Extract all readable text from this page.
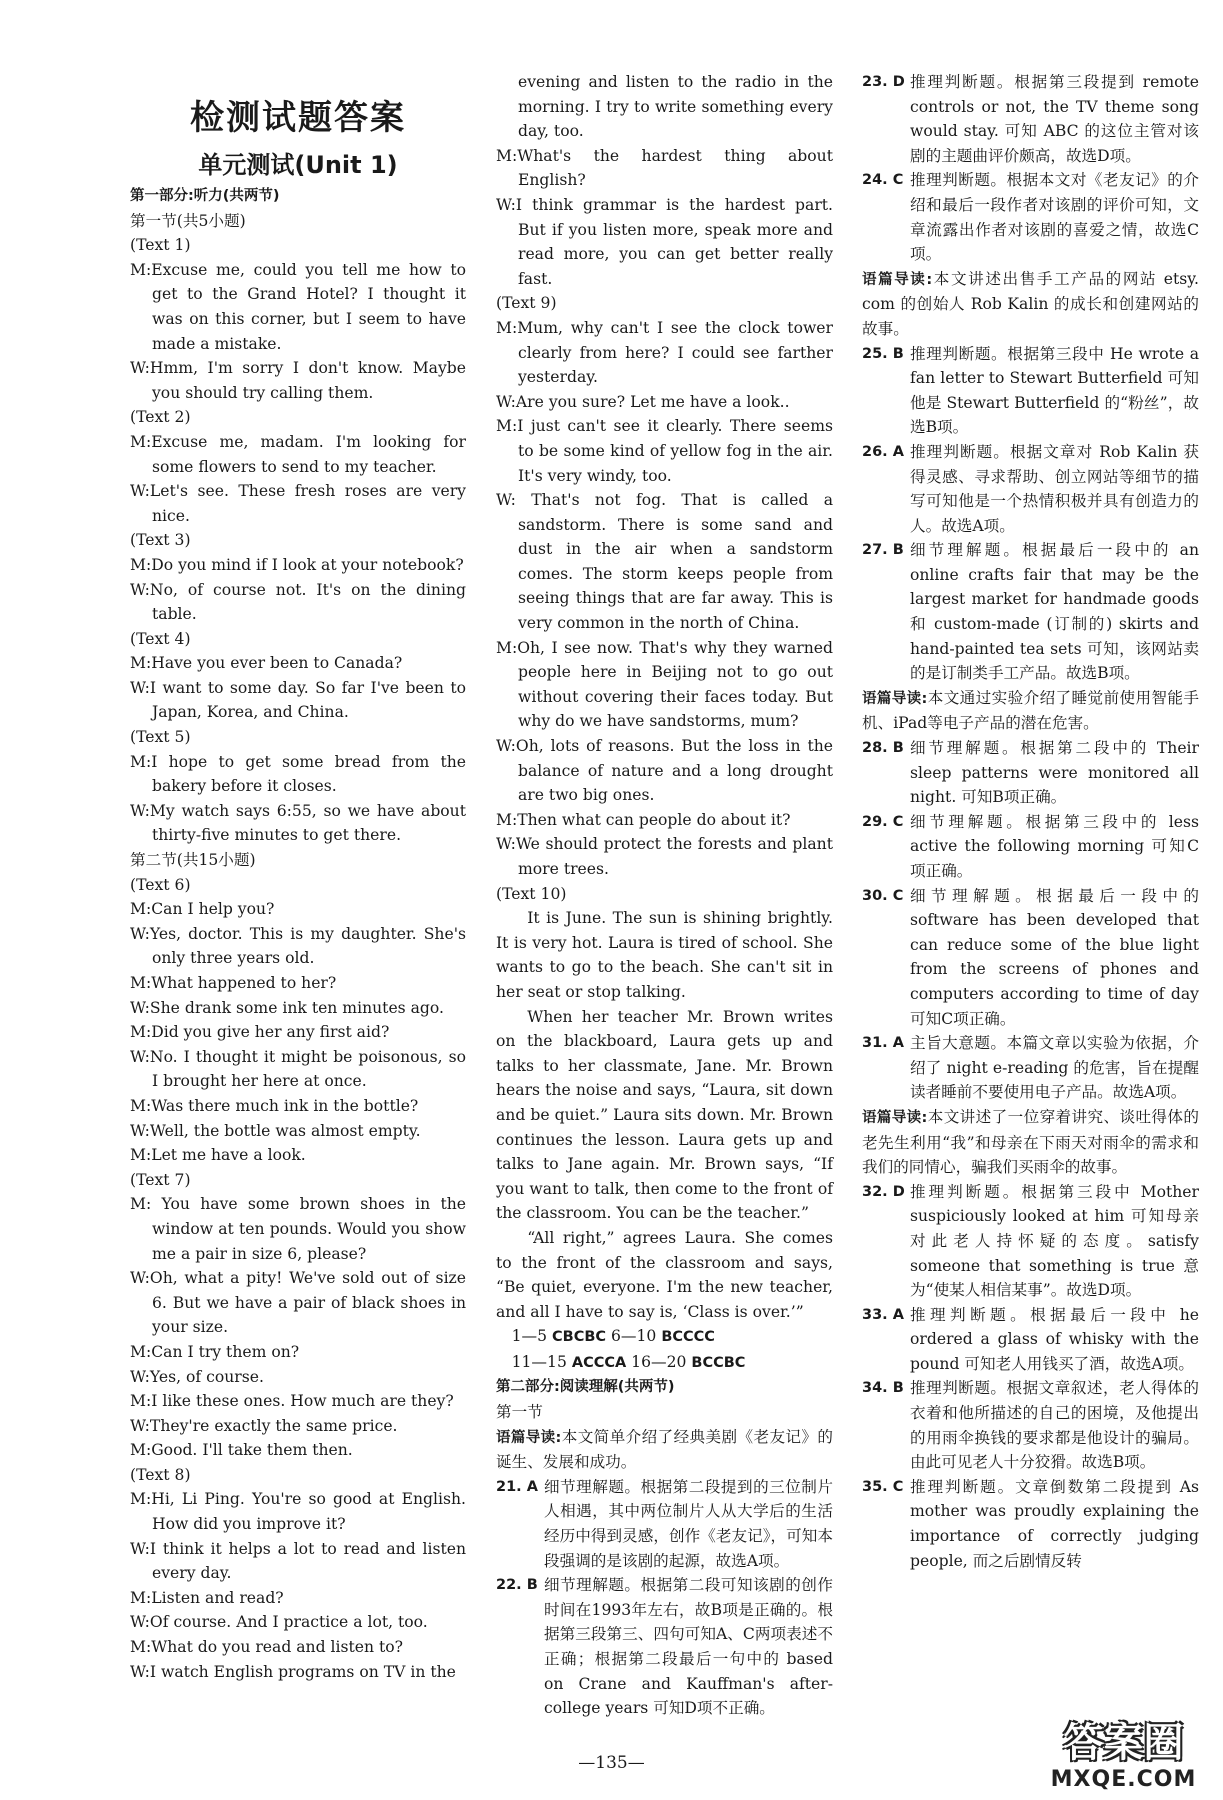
检测试题答案
单元测试(Unit 1)
第一部分:听力(共两节)
第一节(共5小题)
(Text 1)
M:Excuse me, could you tell me how to get to the Grand Hotel? I thought it was on this corner, but I seem to have made a mistake.
W:Hmm, I'm sorry I don't know. Maybe you should try calling them.
(Text 2)
M:Excuse me, madam. I'm looking for some flowers to send to my teacher.
W:Let's see. These fresh roses are very nice.
(Text 3)
M:Do you mind if I look at your notebook?
W:No, of course not. It's on the dining table.
(Text 4)
M:Have you ever been to Canada?
W:I want to some day. So far I've been to Japan, Korea, and China.
(Text 5)
M:I hope to get some bread from the bakery before it closes.
W:My watch says 6:55, so we have about thirty-five minutes to get there.
第二节(共15小题)
(Text 6)
M:Can I help you?
W:Yes, doctor. This is my daughter. She's only three years old.
M:What happened to her?
W:She drank some ink ten minutes ago.
M:Did you give her any first aid?
W:No. I thought it might be poisonous, so I brought her here at once.
M:Was there much ink in the bottle?
W:Well, the bottle was almost empty.
M:Let me have a look.
(Text 7)
M: You have some brown shoes in the window at ten pounds. Would you show me a pair in size 6, please?
W:Oh, what a pity! We've sold out of size 6. But we have a pair of black shoes in your size.
M:Can I try them on?
W:Yes, of course.
M:I like these ones. How much are they?
W:They're exactly the same price.
M:Good. I'll take them then.
(Text 8)
M:Hi, Li Ping. You're so good at English. How did you improve it?
W:I think it helps a lot to read and listen every day.
M:Listen and read?
W:Of course. And I practice a lot, too.
M:What do you read and listen to?
W:I watch English programs on TV in the
evening and listen to the radio in the morning. I try to write something every day, too.
M:What's the hardest thing about English?
W:I think grammar is the hardest part. But if you listen more, speak more and read more, you can get better really fast.
(Text 9)
M:Mum, why can't I see the clock tower clearly from here? I could see farther yesterday.
W:Are you sure? Let me have a look..
M:I just can't see it clearly. There seems to be some kind of yellow fog in the air. It's very windy, too.
W: That's not fog. That is called a sandstorm. There is some sand and dust in the air when a sandstorm comes. The storm keeps people from seeing things that are far away. This is very common in the north of China.
M:Oh, I see now. That's why they warned people here in Beijing not to go out without covering their faces today. But why do we have sandstorms, mum?
W:Oh, lots of reasons. But the loss in the balance of nature and a long drought are two big ones.
M:Then what can people do about it?
W:We should protect the forests and plant more trees.
(Text 10)
It is June. The sun is shining brightly. It is very hot. Laura is tired of school. She wants to go to the beach. She can't sit in her seat or stop talking.
When her teacher Mr. Brown writes on the blackboard, Laura gets up and talks to her classmate, Jane. Mr. Brown hears the noise and says, “Laura, sit down and be quiet.” Laura sits down. Mr. Brown continues the lesson. Laura gets up and talks to Jane again. Mr. Brown says, “If you want to talk, then come to the front of the classroom. You can be the teacher.”
“All right,” agrees Laura. She comes to the front of the classroom and says, “Be quiet, everyone. I'm the new teacher, and all I have to say is, ‘Class is over.’”
1—5 CBCBC 6—10 BCCCC
11—15 ACCCA 16—20 BCCBC
第二部分:阅读理解(共两节)
第一节
语篇导读:本文简单介绍了经典美剧《老友记》的诞生、发展和成功。
21. A 细节理解题。根据第二段提到的三位制片人相遇，其中两位制片人从大学后的生活经历中得到灵感，创作《老友记》，可知本段强调的是该剧的起源，故选A项。
22. B 细节理解题。根据第二段可知该剧的创作时间在1993年左右，故B项是正确的。根据第三段第三、四句可知A、C两项表述不正确；根据第二段最后一句中的 based on Crane and Kauffman's after-college years 可知D项不正确。
23. D 推理判断题。根据第三段提到 remote controls or not, the TV theme song would stay. 可知 ABC 的这位主管对该剧的主题曲评价颇高，故选D项。
24. C 推理判断题。根据本文对《老友记》的介绍和最后一段作者对该剧的评价可知，文章流露出作者对该剧的喜爱之情，故选C项。
语篇导读:本文讲述出售手工产品的网站 etsy. com 的创始人 Rob Kalin 的成长和创建网站的故事。
25. B 推理判断题。根据第三段中 He wrote a fan letter to Stewart Butterfield 可知他是 Stewart Butterfield 的“粉丝”，故选B项。
26. A 推理判断题。根据文章对 Rob Kalin 获得灵感、寻求帮助、创立网站等细节的描写可知他是一个热情积极并具有创造力的人。故选A项。
27. B 细节理解题。根据最后一段中的 an online crafts fair that may be the largest market for handmade goods 和 custom-made (订制的) skirts and hand-painted tea sets 可知，该网站卖的是订制类手工产品。故选B项。
语篇导读:本文通过实验介绍了睡觉前使用智能手机、iPad等电子产品的潜在危害。
28. B 细节理解题。根据第二段中的 Their sleep patterns were monitored all night. 可知B项正确。
29. C 细节理解题。根据第三段中的 less active the following morning 可知C项正确。
30. C 细节理解题。根据最后一段中的 software has been developed that can reduce some of the blue light from the screens of phones and computers according to time of day 可知C项正确。
31. A 主旨大意题。本篇文章以实验为依据，介绍了 night e-reading 的危害，旨在提醒读者睡前不要使用电子产品。故选A项。
语篇导读:本文讲述了一位穿着讲究、谈吐得体的老先生利用“我”和母亲在下雨天对雨伞的需求和我们的同情心，骗我们买雨伞的故事。
32. D 推理判断题。根据第三段中 Mother suspiciously looked at him 可知母亲对此老人持怀疑的态度。satisfy someone that something is true 意为“使某人相信某事”。故选D项。
33. A 推理判断题。根据最后一段中 he ordered a glass of whisky with the pound 可知老人用钱买了酒，故选A项。
34. B 推理判断题。根据文章叙述，老人得体的衣着和他所描述的自己的困境，及他提出的用雨伞换钱的要求都是他设计的骗局。由此可见老人十分狡猾。故选B项。
35. C 推理判断题。文章倒数第二段提到 As mother was proudly explaining the importance of correctly judging people, 而之后剧情反转
—135—	答案圈
MXQE.COM
